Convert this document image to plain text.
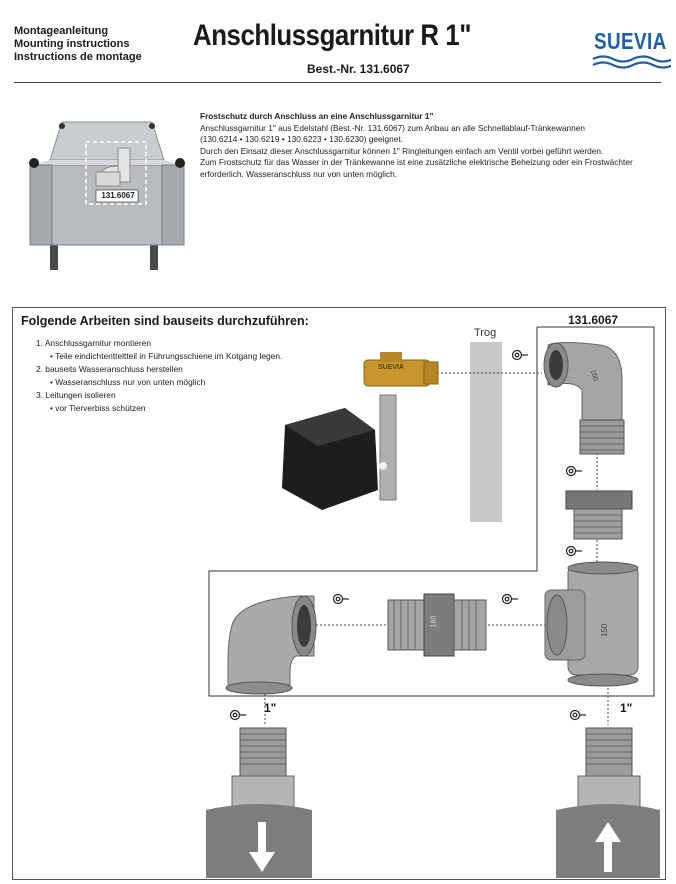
Montageanleitung
Mounting instructions
Instructions de montage
Anschlussgarnitur R 1"
Best.-Nr. 131.6067
SUEVIA
131.6067

Frostschutz durch Anschluss an eine Anschlussgarnitur 1"

Anschlussgarnitur 1" aus Edelstahl (Best.-Nr. 131.6067) zum Anbau an alle Schnellablauf-Tränkewannen

(130.6214 • 130.6219 • 130.6223 • 130.6230) geeignet.

Durch den Einsatz dieser Anschlussgarnitur können 1" Ringleitungen einfach am Ventil vorbei geführt werden.

Zum Frostschutz für das Wasser in der Tränkewanne ist eine zusätzliche elektrische Beheizung oder ein Frostwächter

erforderlich. Wasseranschluss nur von unten möglich.

Folgende Arbeiten sind bauseits durchzuführen:
1. Anschlussgarnitur montieren
• Teile eindichtentteltteil in Führungsschiene im Kotgang legen.
2. bauseits Wasseranschluss herstellen
• Wasseranschluss nur von unten möglich
3. Leitungen isolieren
• vor Tierverbiss schützen
131.6067
Trog
1"	1"
SUEVIA
150
180
150
